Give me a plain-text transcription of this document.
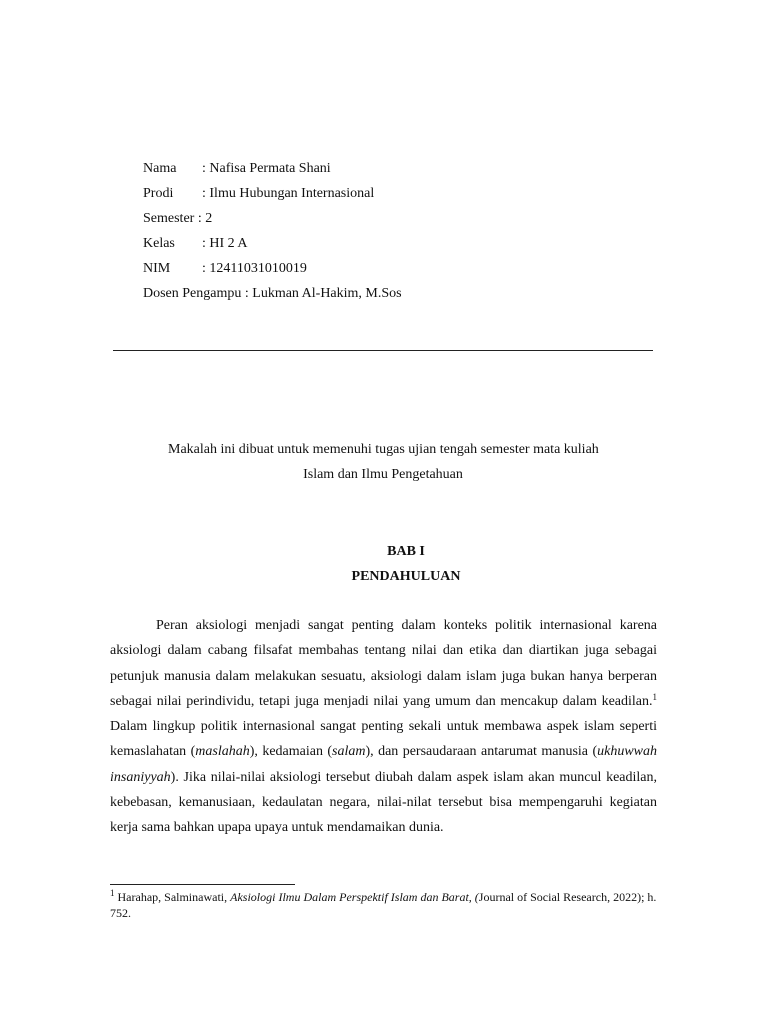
Nama : Nafisa Permata Shani
Prodi : Ilmu Hubungan Internasional
Semester : 2
Kelas : HI 2 A
NIM : 12411031010019
Dosen Pengampu : Lukman Al-Hakim, M.Sos

Makalah ini dibuat untuk memenuhi tugas ujian tengah semester mata kuliah

Islam dan Ilmu Pengetahuan

BAB I
PENDAHULUAN

Peran aksiologi menjadi sangat penting dalam konteks politik internasional karena aksiologi dalam cabang filsafat membahas tentang nilai dan etika dan diartikan juga sebagai petunjuk manusia dalam melakukan sesuatu, aksiologi dalam islam juga bukan hanya berperan sebagai nilai perindividu, tetapi juga menjadi nilai yang umum dan mencakup dalam keadilan.$^1$ Dalam lingkup politik internasional sangat penting sekali untuk membawa aspek islam seperti kemaslahatan (maslahah), kedamaian (salam), dan persaudaraan antarumat manusia (ukhuwwah insaniyyah). Jika nilai-nilai aksiologi tersebut diubah dalam aspek islam akan muncul keadilan, kebebasan, kemanusiaan, kedaulatan negara, nilai-nilat tersebut bisa mempengaruhi kegiatan kerja sama bahkan upapa upaya untuk mendamaikan dunia.

$^1$ Harahap, Salminawati, Aksiologi Ilmu Dalam Perspektif Islam dan Barat, (Journal of Social Research, 2022); h. 752.
